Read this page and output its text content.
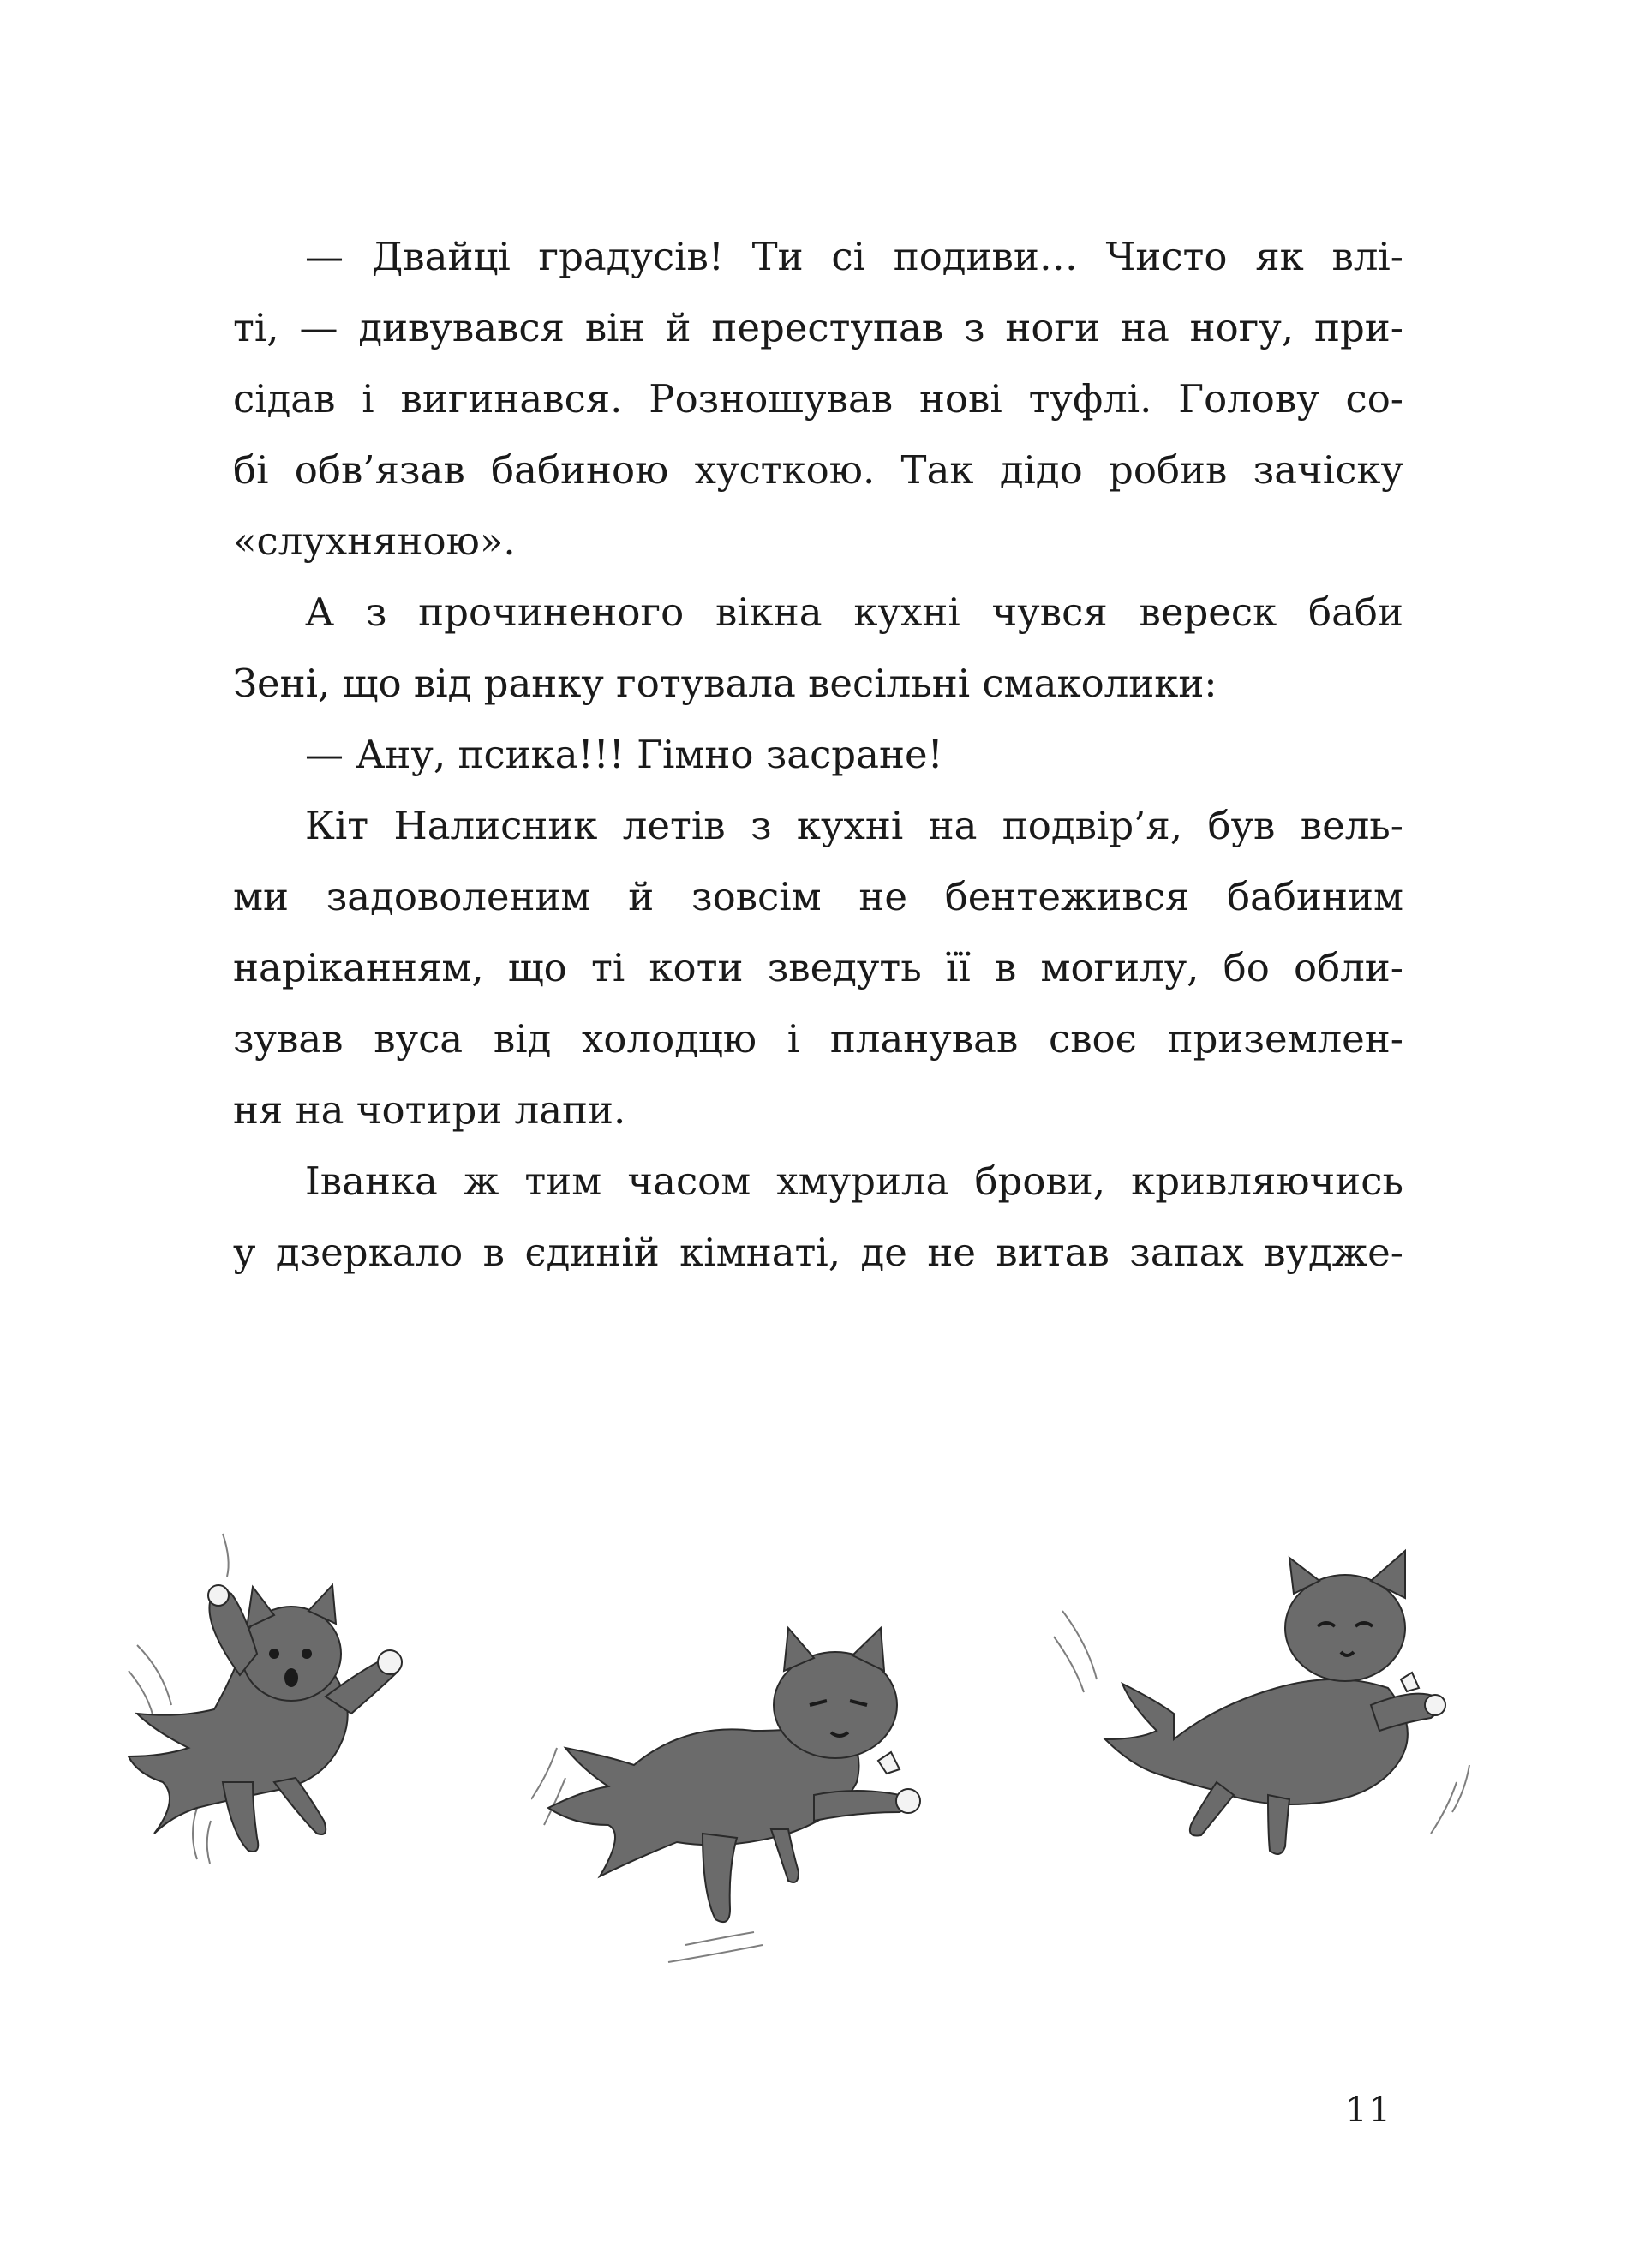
— Двайці градусів! Ти сі подиви… Чисто як влі-
ті, — дивувався він й переступав з ноги на ногу, при-
сідав і вигинався. Розношував нові туфлі. Голову со-
бі обв’язав бабиною хусткою. Так дідо робив зачіску
«слухняною».
А з прочиненого вікна кухні чувся вереск баби
Зені, що від ранку готувала весільні смаколики:
— Ану, псика!!! Гімно засране!
Кіт Налисник летів з кухні на подвір’я, був вель-
ми задоволеним й зовсім не бентежився бабиним
наріканням, що ті коти зведуть її в могилу, бо обли-
зував вуса від холодцю і планував своє приземлен-
ня на чотири лапи.
Іванка ж тим часом хмурила брови, кривляючись
у дзеркало в єдиній кімнаті, де не витав запах вудже-
11
